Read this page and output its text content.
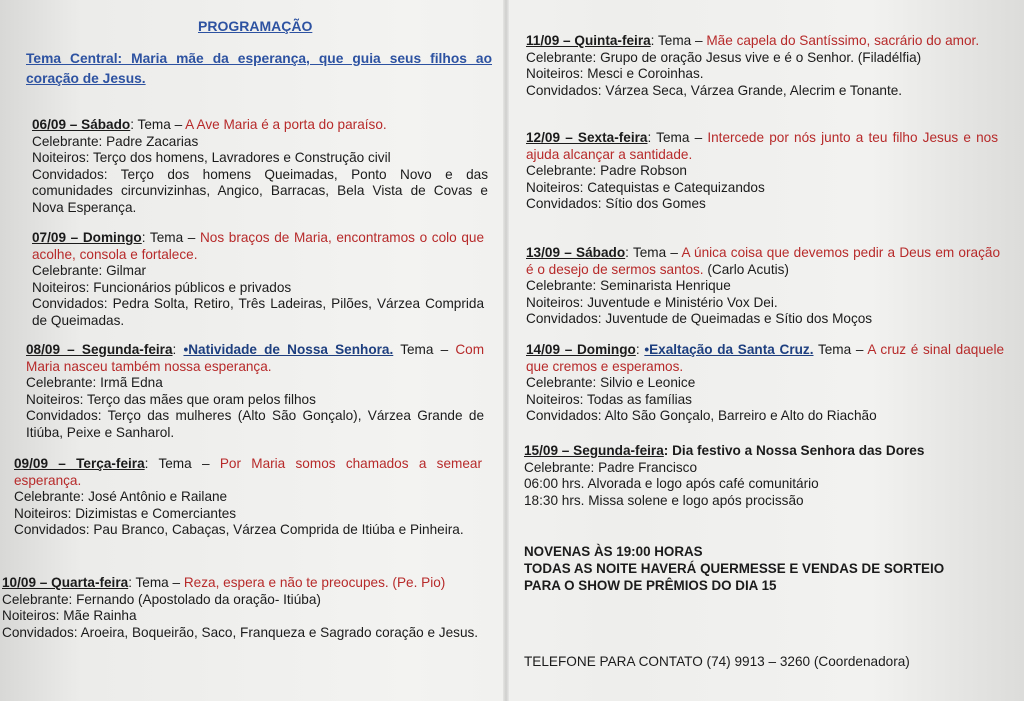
PROGRAMAÇÃO
Tema Central: Maria mãe da esperança, que guia seus filhos ao coração de Jesus.
06/09 – Sábado: Tema – A Ave Maria é a porta do paraíso.
Celebrante: Padre Zacarias
Noiteiros: Terço dos homens, Lavradores e Construção civil
Convidados: Terço dos homens Queimadas, Ponto Novo e das comunidades circunvizinhas, Angico, Barracas, Bela Vista de Covas e Nova Esperança.
07/09 – Domingo: Tema – Nos braços de Maria, encontramos o colo que acolhe, consola e fortalece.
Celebrante: Gilmar
Noiteiros: Funcionários públicos e privados
Convidados: Pedra Solta, Retiro, Três Ladeiras, Pilões, Várzea Comprida de Queimadas.
08/09 – Segunda-feira: •Natividade de Nossa Senhora. Tema – Com Maria nasceu também nossa esperança.
Celebrante: Irmã Edna
Noiteiros: Terço das mães que oram pelos filhos
Convidados: Terço das mulheres (Alto São Gonçalo), Várzea Grande de Itiúba, Peixe e Sanharol.
09/09 – Terça-feira: Tema – Por Maria somos chamados a semear esperança.
Celebrante: José Antônio e Railane
Noiteiros: Dizimistas e Comerciantes
Convidados: Pau Branco, Cabaças, Várzea Comprida de Itiúba e Pinheira.
10/09 – Quarta-feira: Tema – Reza, espera e não te preocupes. (Pe. Pio)
Celebrante: Fernando (Apostolado da oração- Itiúba)
Noiteiros: Mãe Rainha
Convidados: Aroeira, Boqueirão, Saco, Franqueza e Sagrado coração e Jesus.
11/09 – Quinta-feira: Tema – Mãe capela do Santíssimo, sacrário do amor.
Celebrante: Grupo de oração Jesus vive e é o Senhor. (Filadélfia)
Noiteiros: Mesci e Coroinhas.
Convidados: Várzea Seca, Várzea Grande, Alecrim e Tonante.
12/09 – Sexta-feira: Tema – Intercede por nós junto a teu filho Jesus e nos ajuda alcançar a santidade.
Celebrante: Padre Robson
Noiteiros: Catequistas e Catequizandos
Convidados: Sítio dos Gomes
13/09 – Sábado: Tema – A única coisa que devemos pedir a Deus em oração é o desejo de sermos santos. (Carlo Acutis)
Celebrante: Seminarista Henrique
Noiteiros: Juventude e Ministério Vox Dei.
Convidados: Juventude de Queimadas e Sítio dos Moços
14/09 – Domingo: •Exaltação da Santa Cruz. Tema – A cruz é sinal daquele que cremos e esperamos.
Celebrante: Silvio e Leonice
Noiteiros: Todas as famílias
Convidados: Alto São Gonçalo, Barreiro e Alto do Riachão
15/09 – Segunda-feira: Dia festivo a Nossa Senhora das Dores
Celebrante: Padre Francisco
06:00 hrs. Alvorada e logo após café comunitário
18:30 hrs. Missa solene e logo após procissão
NOVENAS ÀS 19:00 HORAS
TODAS AS NOITE HAVERÁ QUERMESSE E VENDAS DE SORTEIO
PARA O SHOW DE PRÊMIOS DO DIA 15
TELEFONE PARA CONTATO (74) 9913 – 3260 (Coordenadora)
